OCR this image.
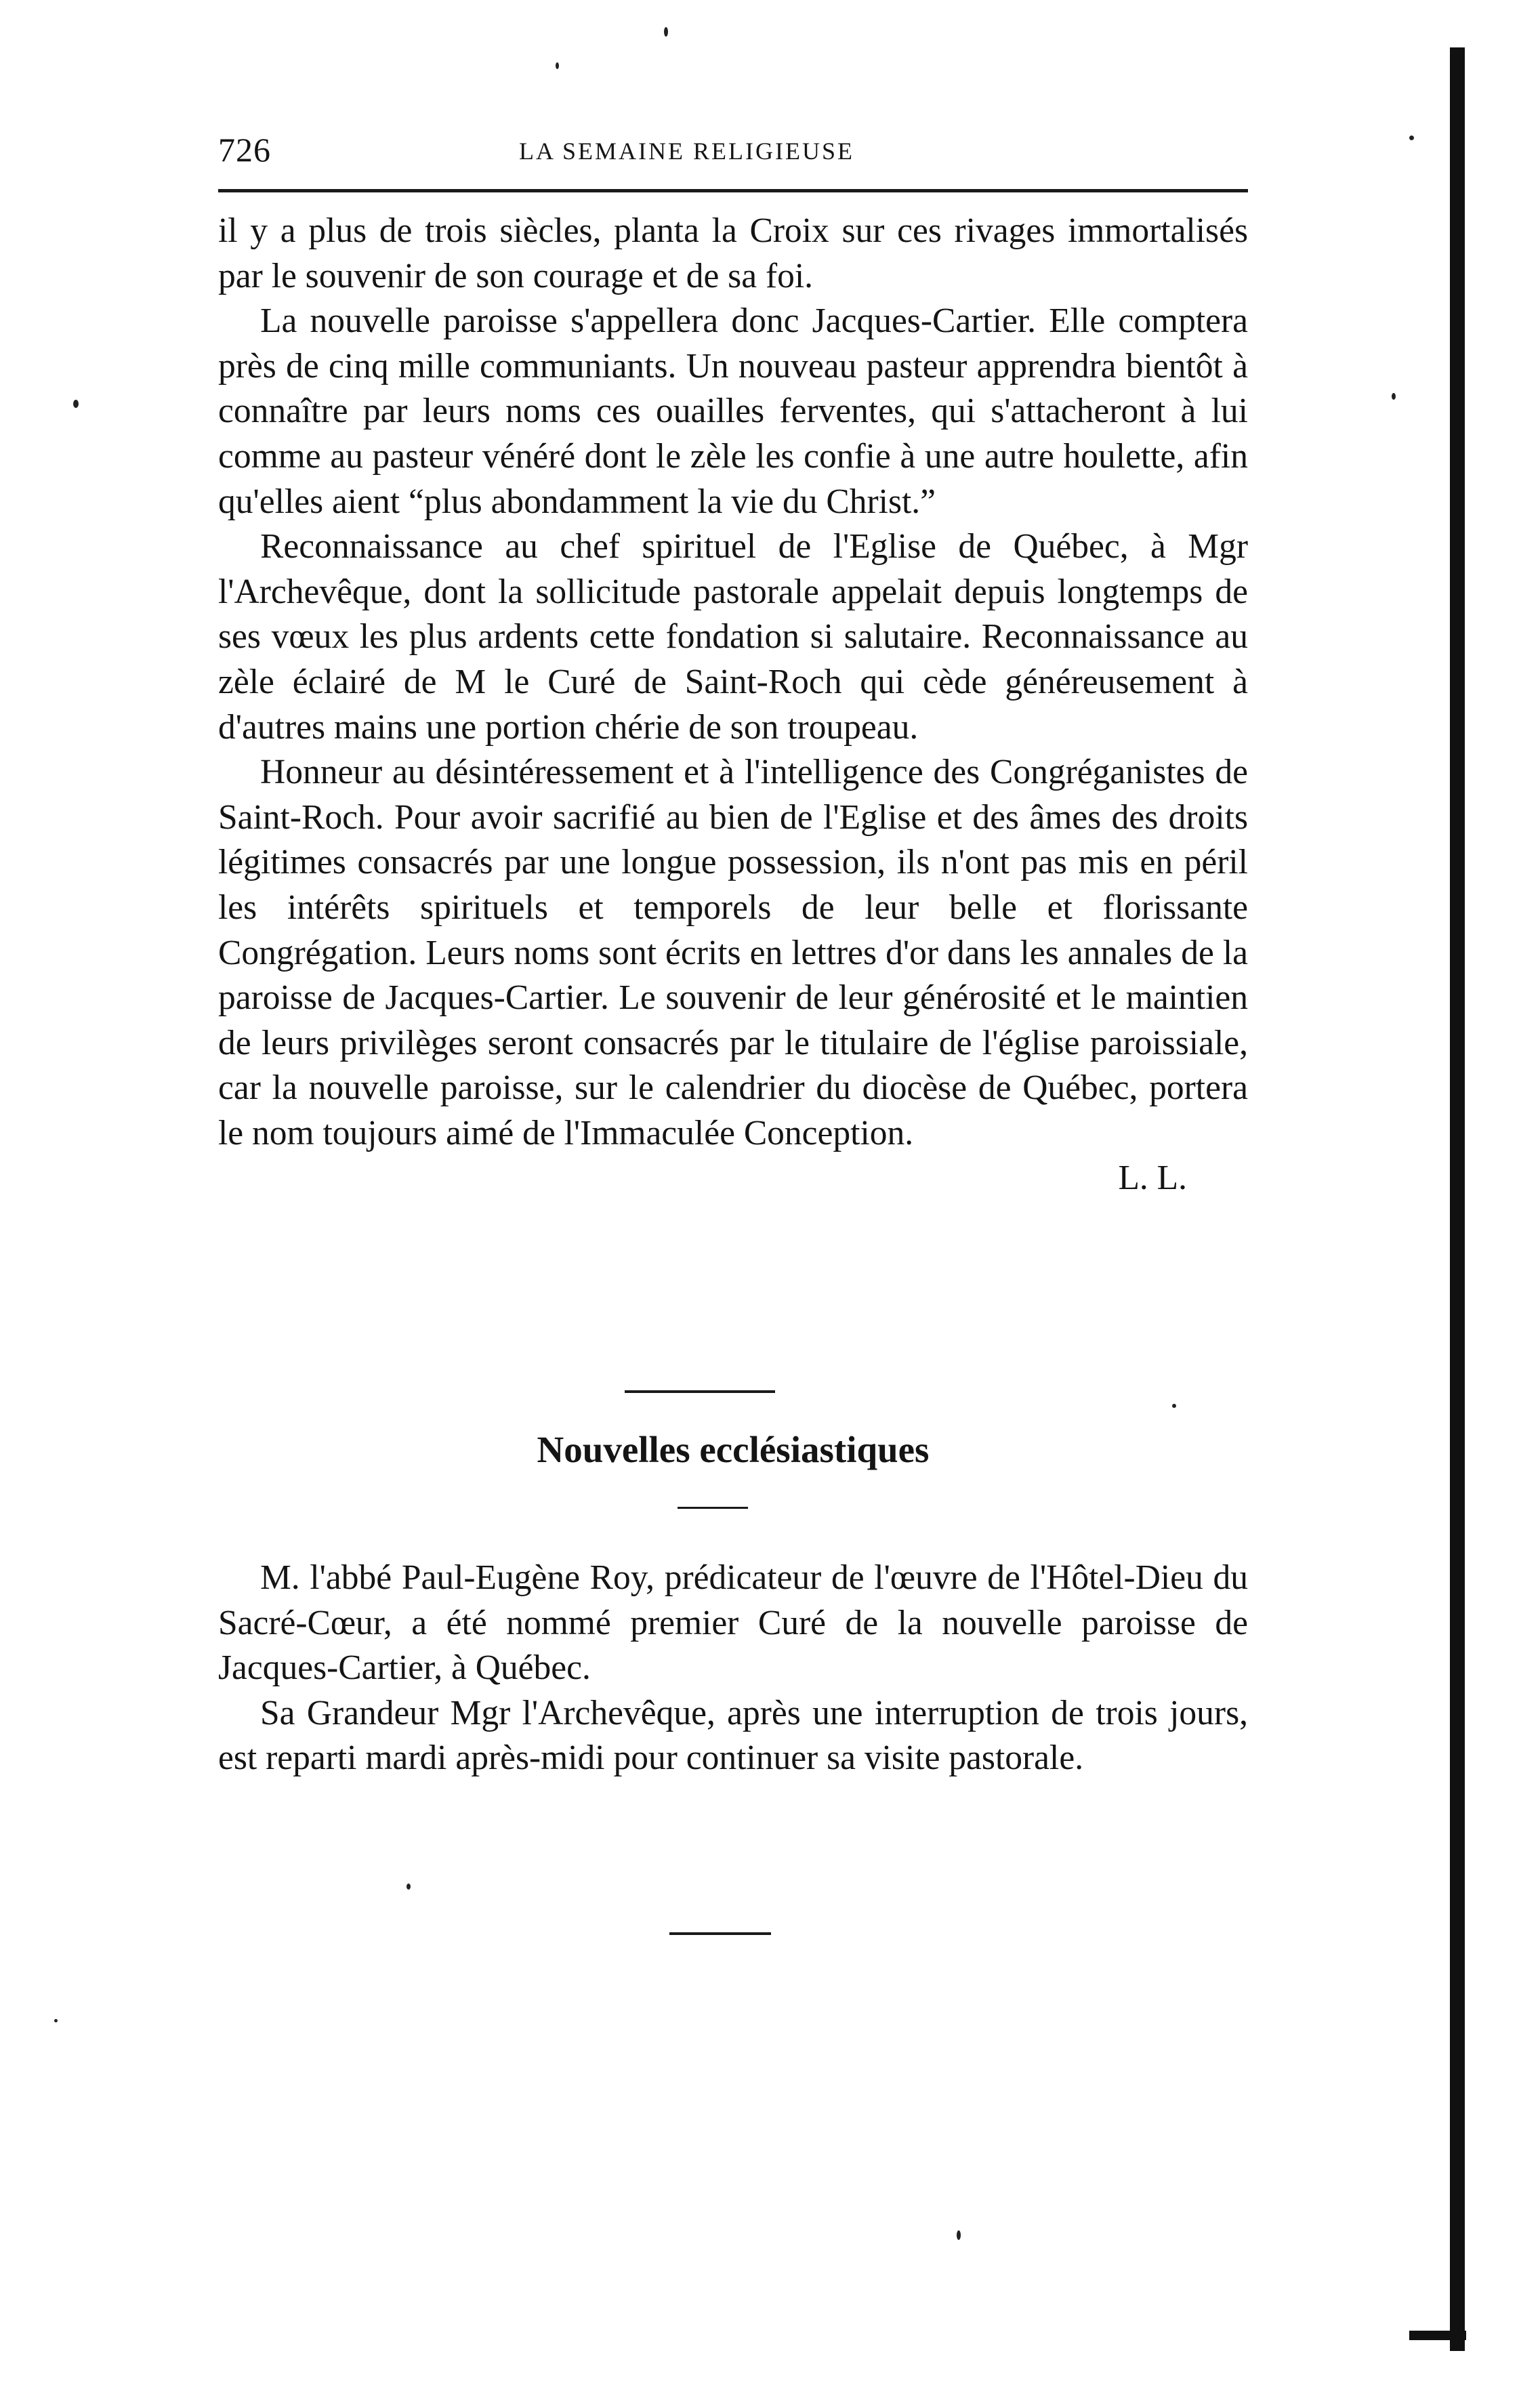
726	LA SEMAINE RELIGIEUSE

il y a plus de trois siècles, planta la Croix sur ces rivages immortalisés par le souvenir de son courage et de sa foi.

La nouvelle paroisse s'appellera donc Jacques-Cartier. Elle comptera près de cinq mille communiants. Un nouveau pasteur apprendra bientôt à connaître par leurs noms ces ouailles ferventes, qui s'attacheront à lui comme au pasteur vénéré dont le zèle les confie à une autre houlette, afin qu'elles aient “plus abondamment la vie du Christ.”

Reconnaissance au chef spirituel de l'Eglise de Québec, à Mgr l'Archevêque, dont la sollicitude pastorale appelait depuis longtemps de ses vœux les plus ardents cette fondation si salutaire. Reconnaissance au zèle éclairé de M le Curé de Saint-Roch qui cède généreusement à d'autres mains une portion chérie de son troupeau.

Honneur au désintéressement et à l'intelligence des Congréganistes de Saint-Roch. Pour avoir sacrifié au bien de l'Eglise et des âmes des droits légitimes consacrés par une longue possession, ils n'ont pas mis en péril les intérêts spirituels et temporels de leur belle et florissante Congrégation. Leurs noms sont écrits en lettres d'or dans les annales de la paroisse de Jacques-Cartier. Le souvenir de leur générosité et le maintien de leurs privilèges seront consacrés par le titulaire de l'église paroissiale, car la nouvelle paroisse, sur le calendrier du diocèse de Québec, portera le nom toujours aimé de l'Immaculée Conception.

L. L.

Nouvelles ecclésiastiques

M. l'abbé Paul-Eugène Roy, prédicateur de l'œuvre de l'Hôtel-Dieu du Sacré-Cœur, a été nommé premier Curé de la nouvelle paroisse de Jacques-Cartier, à Québec.

Sa Grandeur Mgr l'Archevêque, après une interruption de trois jours, est reparti mardi après-midi pour continuer sa visite pastorale.
